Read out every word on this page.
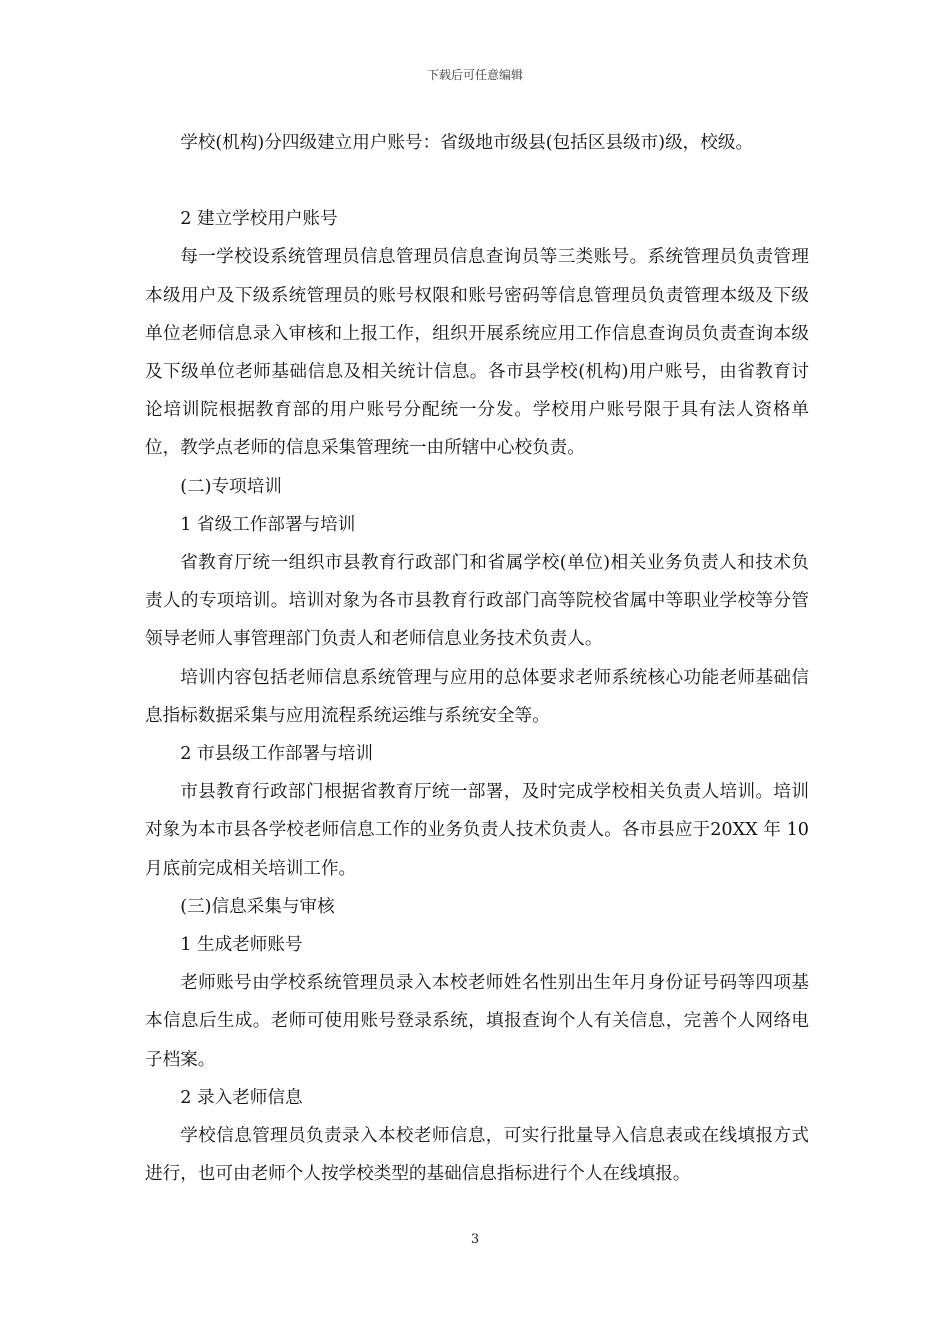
下载后可任意编辑

学校(机构)分四级建立用户账号：省级地市级县(包括区县级市)级，校级。

2 建立学校用户账号

每一学校设系统管理员信息管理员信息查询员等三类账号。系统管理员负责管理本级用户及下级系统管理员的账号权限和账号密码等信息管理员负责管理本级及下级单位老师信息录入审核和上报工作，组织开展系统应用工作信息查询员负责查询本级及下级单位老师基础信息及相关统计信息。各市县学校(机构)用户账号，由省教育讨论培训院根据教育部的用户账号分配统一分发。学校用户账号限于具有法人资格单位，教学点老师的信息采集管理统一由所辖中心校负责。

(二)专项培训

1 省级工作部署与培训

省教育厅统一组织市县教育行政部门和省属学校(单位)相关业务负责人和技术负责人的专项培训。培训对象为各市县教育行政部门高等院校省属中等职业学校等分管领导老师人事管理部门负责人和老师信息业务技术负责人。

培训内容包括老师信息系统管理与应用的总体要求老师系统核心功能老师基础信息指标数据采集与应用流程系统运维与系统安全等。

2 市县级工作部署与培训

市县教育行政部门根据省教育厅统一部署，及时完成学校相关负责人培训。培训对象为本市县各学校老师信息工作的业务负责人技术负责人。各市县应于20XX 年 10 月底前完成相关培训工作。

(三)信息采集与审核

1 生成老师账号

老师账号由学校系统管理员录入本校老师姓名性别出生年月身份证号码等四项基本信息后生成。老师可使用账号登录系统，填报查询个人有关信息，完善个人网络电子档案。

2 录入老师信息

学校信息管理员负责录入本校老师信息，可实行批量导入信息表或在线填报方式进行，也可由老师个人按学校类型的基础信息指标进行个人在线填报。

3
